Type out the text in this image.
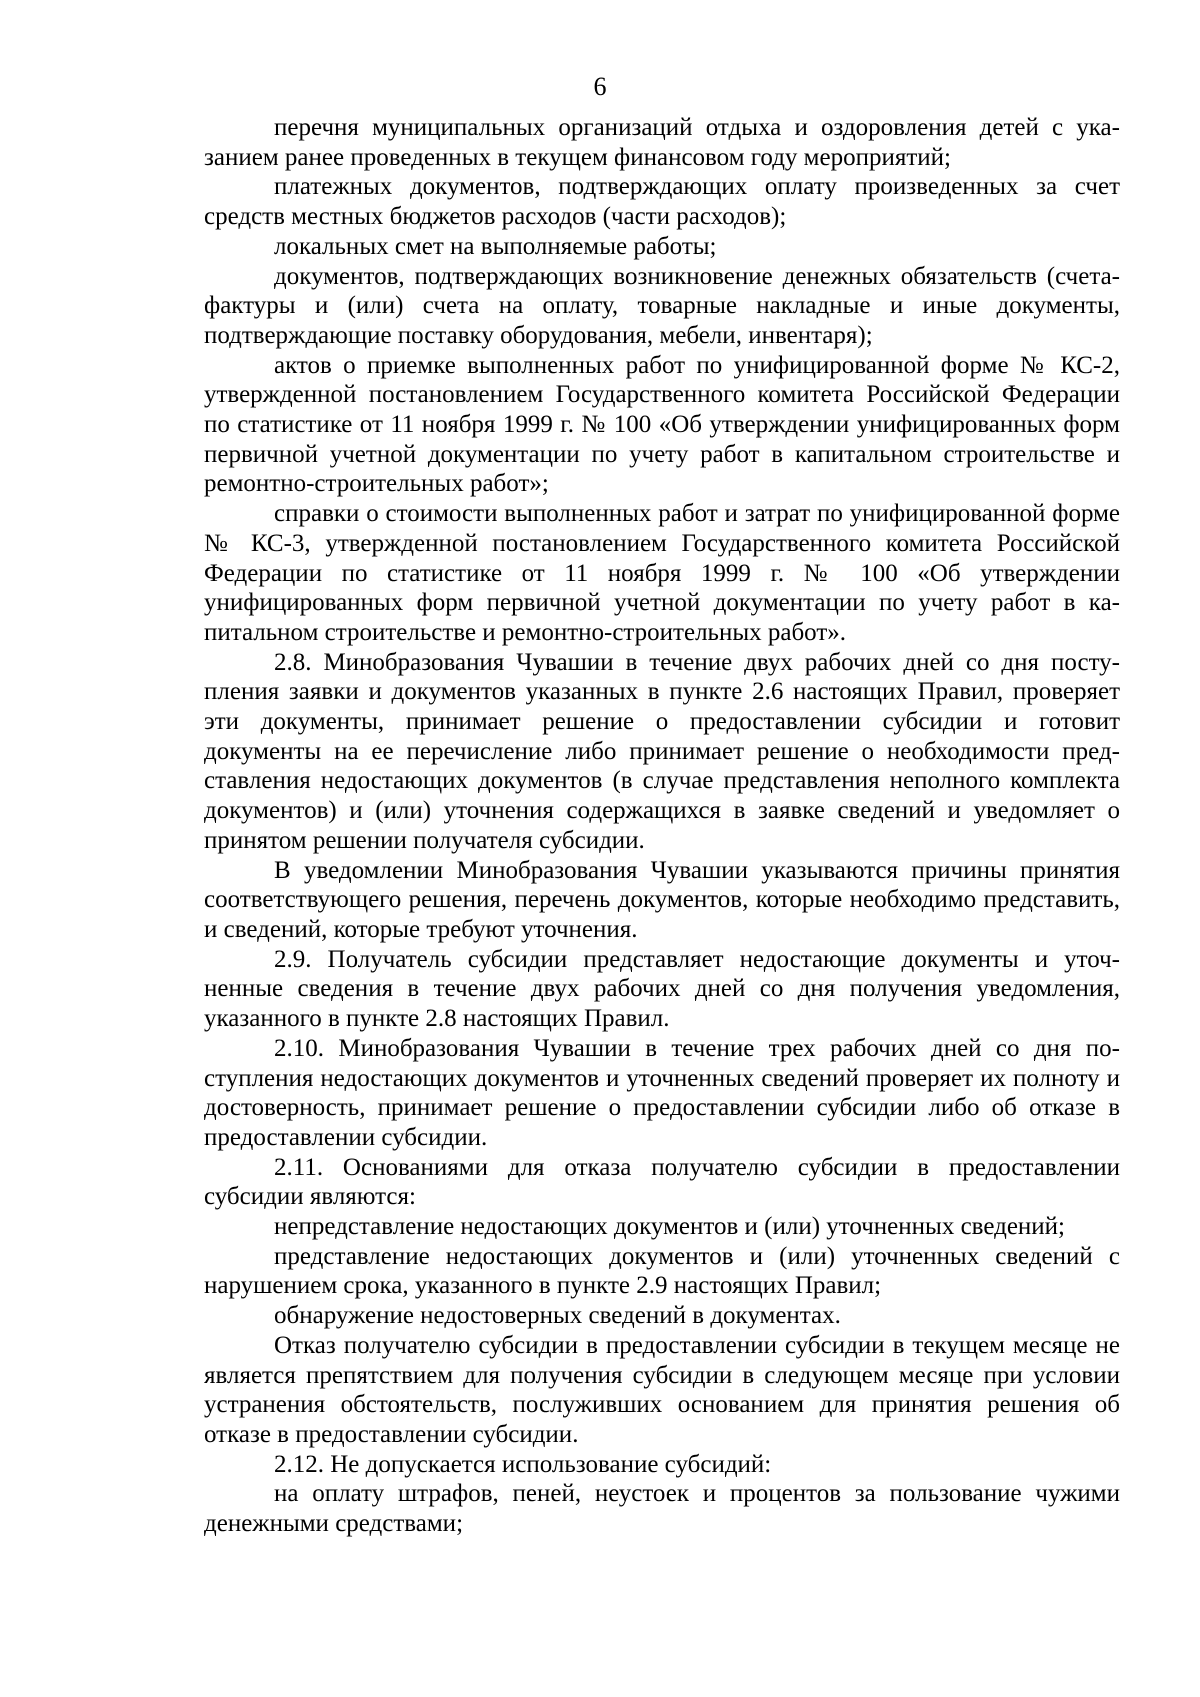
6

перечня муниципальных организаций отдыха и оздоровления детей с указанием ранее проведенных в текущем финансовом году мероприятий;

платежных документов, подтверждающих оплату произведенных за счет средств местных бюджетов расходов (части расходов);

локальных смет на выполняемые работы;

документов, подтверждающих возникновение денежных обязательств (счета-фактуры и (или) счета на оплату, товарные накладные и иные документы, подтверждающие поставку оборудования, мебели, инвентаря);

актов о приемке выполненных работ по унифицированной форме № КС-2, утвержденной постановлением Государственного комитета Российской Федерации по статистике от 11 ноября 1999 г. № 100 «Об утверждении унифицированных форм первичной учетной документации по учету работ в капитальном строительстве и ремонтно-строительных работ»;

справки о стоимости выполненных работ и затрат по унифицированной форме № КС-3, утвержденной постановлением Государственного комитета Российской Федерации по статистике от 11 ноября 1999 г. № 100 «Об утверждении унифицированных форм первичной учетной документации по учету работ в капитальном строительстве и ремонтно-строительных работ».

2.8. Минобразования Чувашии в течение двух рабочих дней со дня поступления заявки и документов указанных в пункте 2.6 настоящих Правил, проверяет эти документы, принимает решение о предоставлении субсидии и готовит документы на ее перечисление либо принимает решение о необходимости представления недостающих документов (в случае представления неполного комплекта документов) и (или) уточнения содержащихся в заявке сведений и уведомляет о принятом решении получателя субсидии.

В уведомлении Минобразования Чувашии указываются причины принятия соответствующего решения, перечень документов, которые необходимо представить, и сведений, которые требуют уточнения.

2.9. Получатель субсидии представляет недостающие документы и уточненные сведения в течение двух рабочих дней со дня получения уведомления, указанного в пункте 2.8 настоящих Правил.

2.10. Минобразования Чувашии в течение трех рабочих дней со дня поступления недостающих документов и уточненных сведений проверяет их полноту и достоверность, принимает решение о предоставлении субсидии либо об отказе в предоставлении субсидии.

2.11. Основаниями для отказа получателю субсидии в предоставлении субсидии являются:

непредставление недостающих документов и (или) уточненных сведений;

представление недостающих документов и (или) уточненных сведений с нарушением срока, указанного в пункте 2.9 настоящих Правил;

обнаружение недостоверных сведений в документах.

Отказ получателю субсидии в предоставлении субсидии в текущем месяце не является препятствием для получения субсидии в следующем месяце при условии устранения обстоятельств, послуживших основанием для принятия решения об отказе в предоставлении субсидии.

2.12. Не допускается использование субсидий:

на оплату штрафов, пеней, неустоек и процентов за пользование чужими денежными средствами;
